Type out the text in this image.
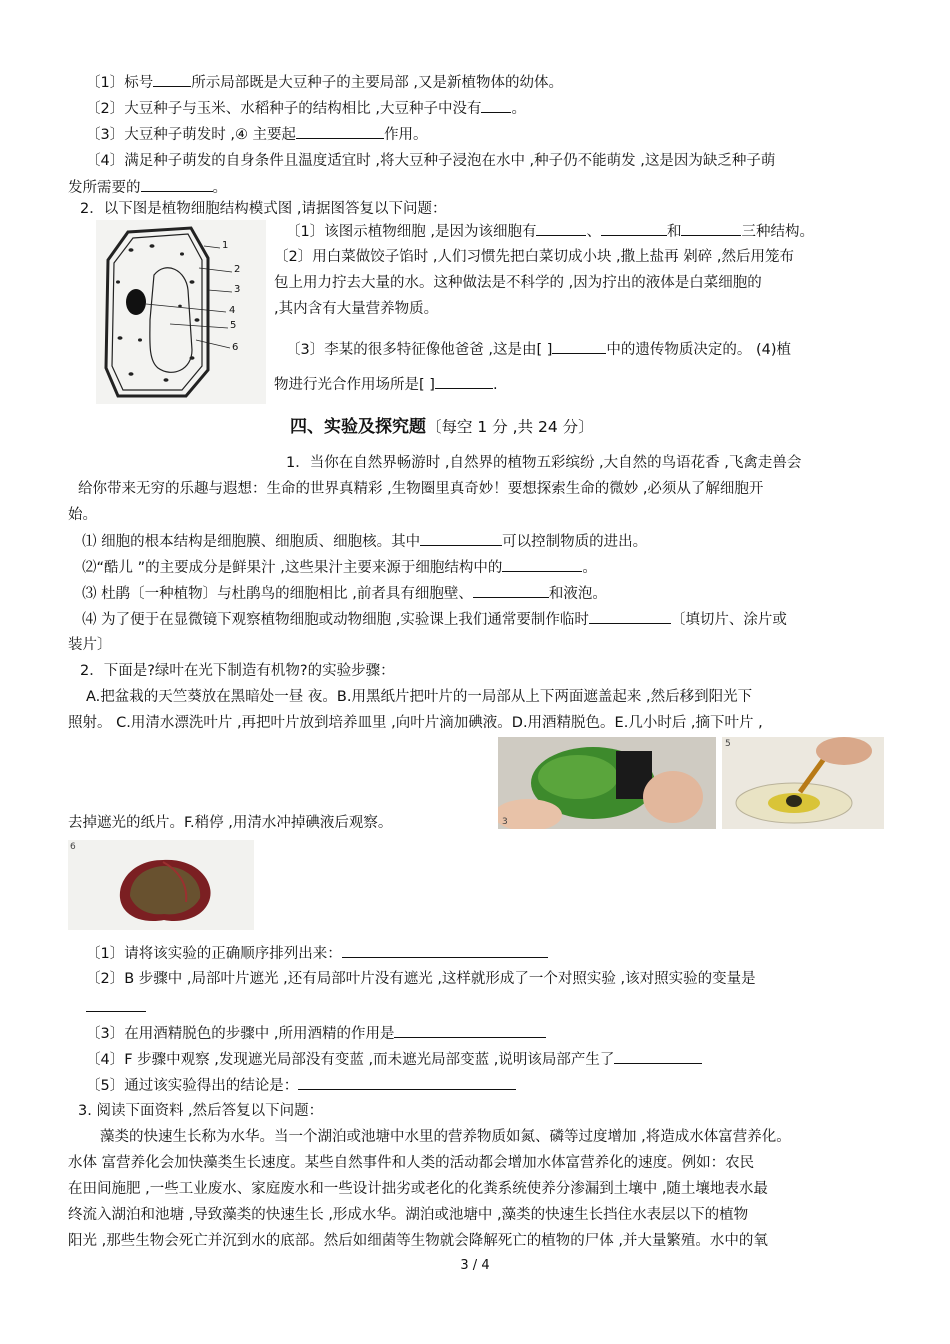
〔1〕标号	所示局部既是大豆种子的主要局部 ,又是新植物体的幼体。
〔2〕大豆种子与玉米、水稻种子的结构相比 ,大豆种子中没有 。
〔3〕大豆种子萌发时 ,④ 主要起	作用。
〔4〕满足种子萌发的自身条件且温度适宜时 ,将大豆种子浸泡在水中 ,种子仍不能萌发 ,这是因为缺乏种子萌
发所需要的	。
2．以下图是植物细胞结构模式图 ,请据图答复以下问题：
1
2
3
4
5
6
〔1〕该图示植物细胞 ,是因为该细胞有	、	和	三种结构。
〔2〕用白菜做饺子馅时 ,人们习惯先把白菜切成小块 ,撒上盐再 剁碎 ,然后用笼布
包上用力拧去大量的水。这种做法是不科学的 ,因为拧出的液体是白菜细胞的
,其内含有大量营养物质。
〔3〕李某的很多特征像他爸爸 ,这是由[ ]	中的遗传物质决定的。 (4)植
物进行光合作用场所是[ ]	.
四、实验及探究题〔每空 1 分 ,共 24 分〕
1．当你在自然界畅游时 ,自然界的植物五彩缤纷 ,大自然的鸟语花香 ,飞禽走兽会
给你带来无穷的乐趣与遐想：生命的世界真精彩 ,生物圈里真奇妙！要想探索生命的微妙 ,必须从了解细胞开
始。
⑴ 细胞的根本结构是细胞膜、细胞质、细胞核。其中	可以控制物质的进出。
⑵“酷儿 ”的主要成分是鲜果汁 ,这些果汁主要来源于细胞结构中的	。
⑶ 杜鹃〔一种植物〕与杜鹃鸟的细胞相比 ,前者具有细胞壁、	和液泡。
⑷ 为了便于在显微镜下观察植物细胞或动物细胞 ,实验课上我们通常要制作临时	〔填切片、涂片或
装片〕
2．下面是?绿叶在光下制造有机物?的实验步骤：
A.把盆栽的天竺葵放在黑暗处一昼 夜。B.用黑纸片把叶片的一局部从上下两面遮盖起来 ,然后移到阳光下
照射。 C.用清水漂洗叶片 ,再把叶片放到培养皿里 ,向叶片滴加碘液。D.用酒精脱色。E.几小时后 ,摘下叶片 ,
3
5
去掉遮光的纸片。F.稍停 ,用清水冲掉碘液后观察。
6
〔1〕请将该实验的正确顺序排列出来：
〔2〕B 步骤中 ,局部叶片遮光 ,还有局部叶片没有遮光 ,这样就形成了一个对照实验 ,该对照实验的变量是
〔3〕在用酒精脱色的步骤中 ,所用酒精的作用是
〔4〕F 步骤中观察 ,发现遮光局部没有变蓝 ,而未遮光局部变蓝 ,说明该局部产生了
〔5〕通过该实验得出的结论是：
3. 阅读下面资料 ,然后答复以下问题：
藻类的快速生长称为水华。当一个湖泊或池塘中水里的营养物质如氮、磷等过度增加 ,将造成水体富营养化。
水体 富营养化会加快藻类生长速度。某些自然事件和人类的活动都会增加水体富营养化的速度。例如：农民
在田间施肥 ,一些工业废水、家庭废水和一些设计拙劣或老化的化粪系统使养分渗漏到土壤中 ,随土壤地表水最
终流入湖泊和池塘 ,导致藻类的快速生长 ,形成水华。湖泊或池塘中 ,藻类的快速生长挡住水表层以下的植物
阳光 ,那些生物会死亡并沉到水的底部。然后如细菌等生物就会降解死亡的植物的尸体 ,并大量繁殖。水中的氧
3 / 4
